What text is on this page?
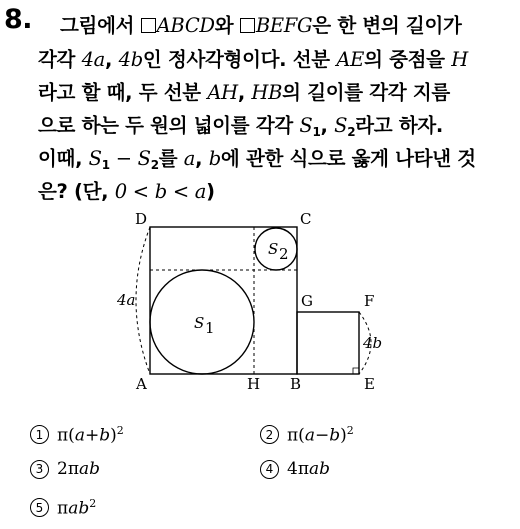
8. 그림에서 ABCD와 BEFG은 한 변의 길이가
각각 4a, 4b인 정사각형이다. 선분 AE의 중점을 H
라고 할 때, 두 선분 AH, HB의 길이를 각각 지름
으로 하는 두 원의 넓이를 각각 $S_1$, $S_2$라고 하자.
이때, $S_1 - S_2$를 a, b에 관한 식으로 옳게 나타낸 것
은? (단, 0 < b < a)
D	C
A	H B	E
G	F
4a
4b
S 1
S 2
1 $\pi(a+b)^2$	2 $\pi(a-b)^2$
3 2πab	4 4πab
5 πab$^2$
